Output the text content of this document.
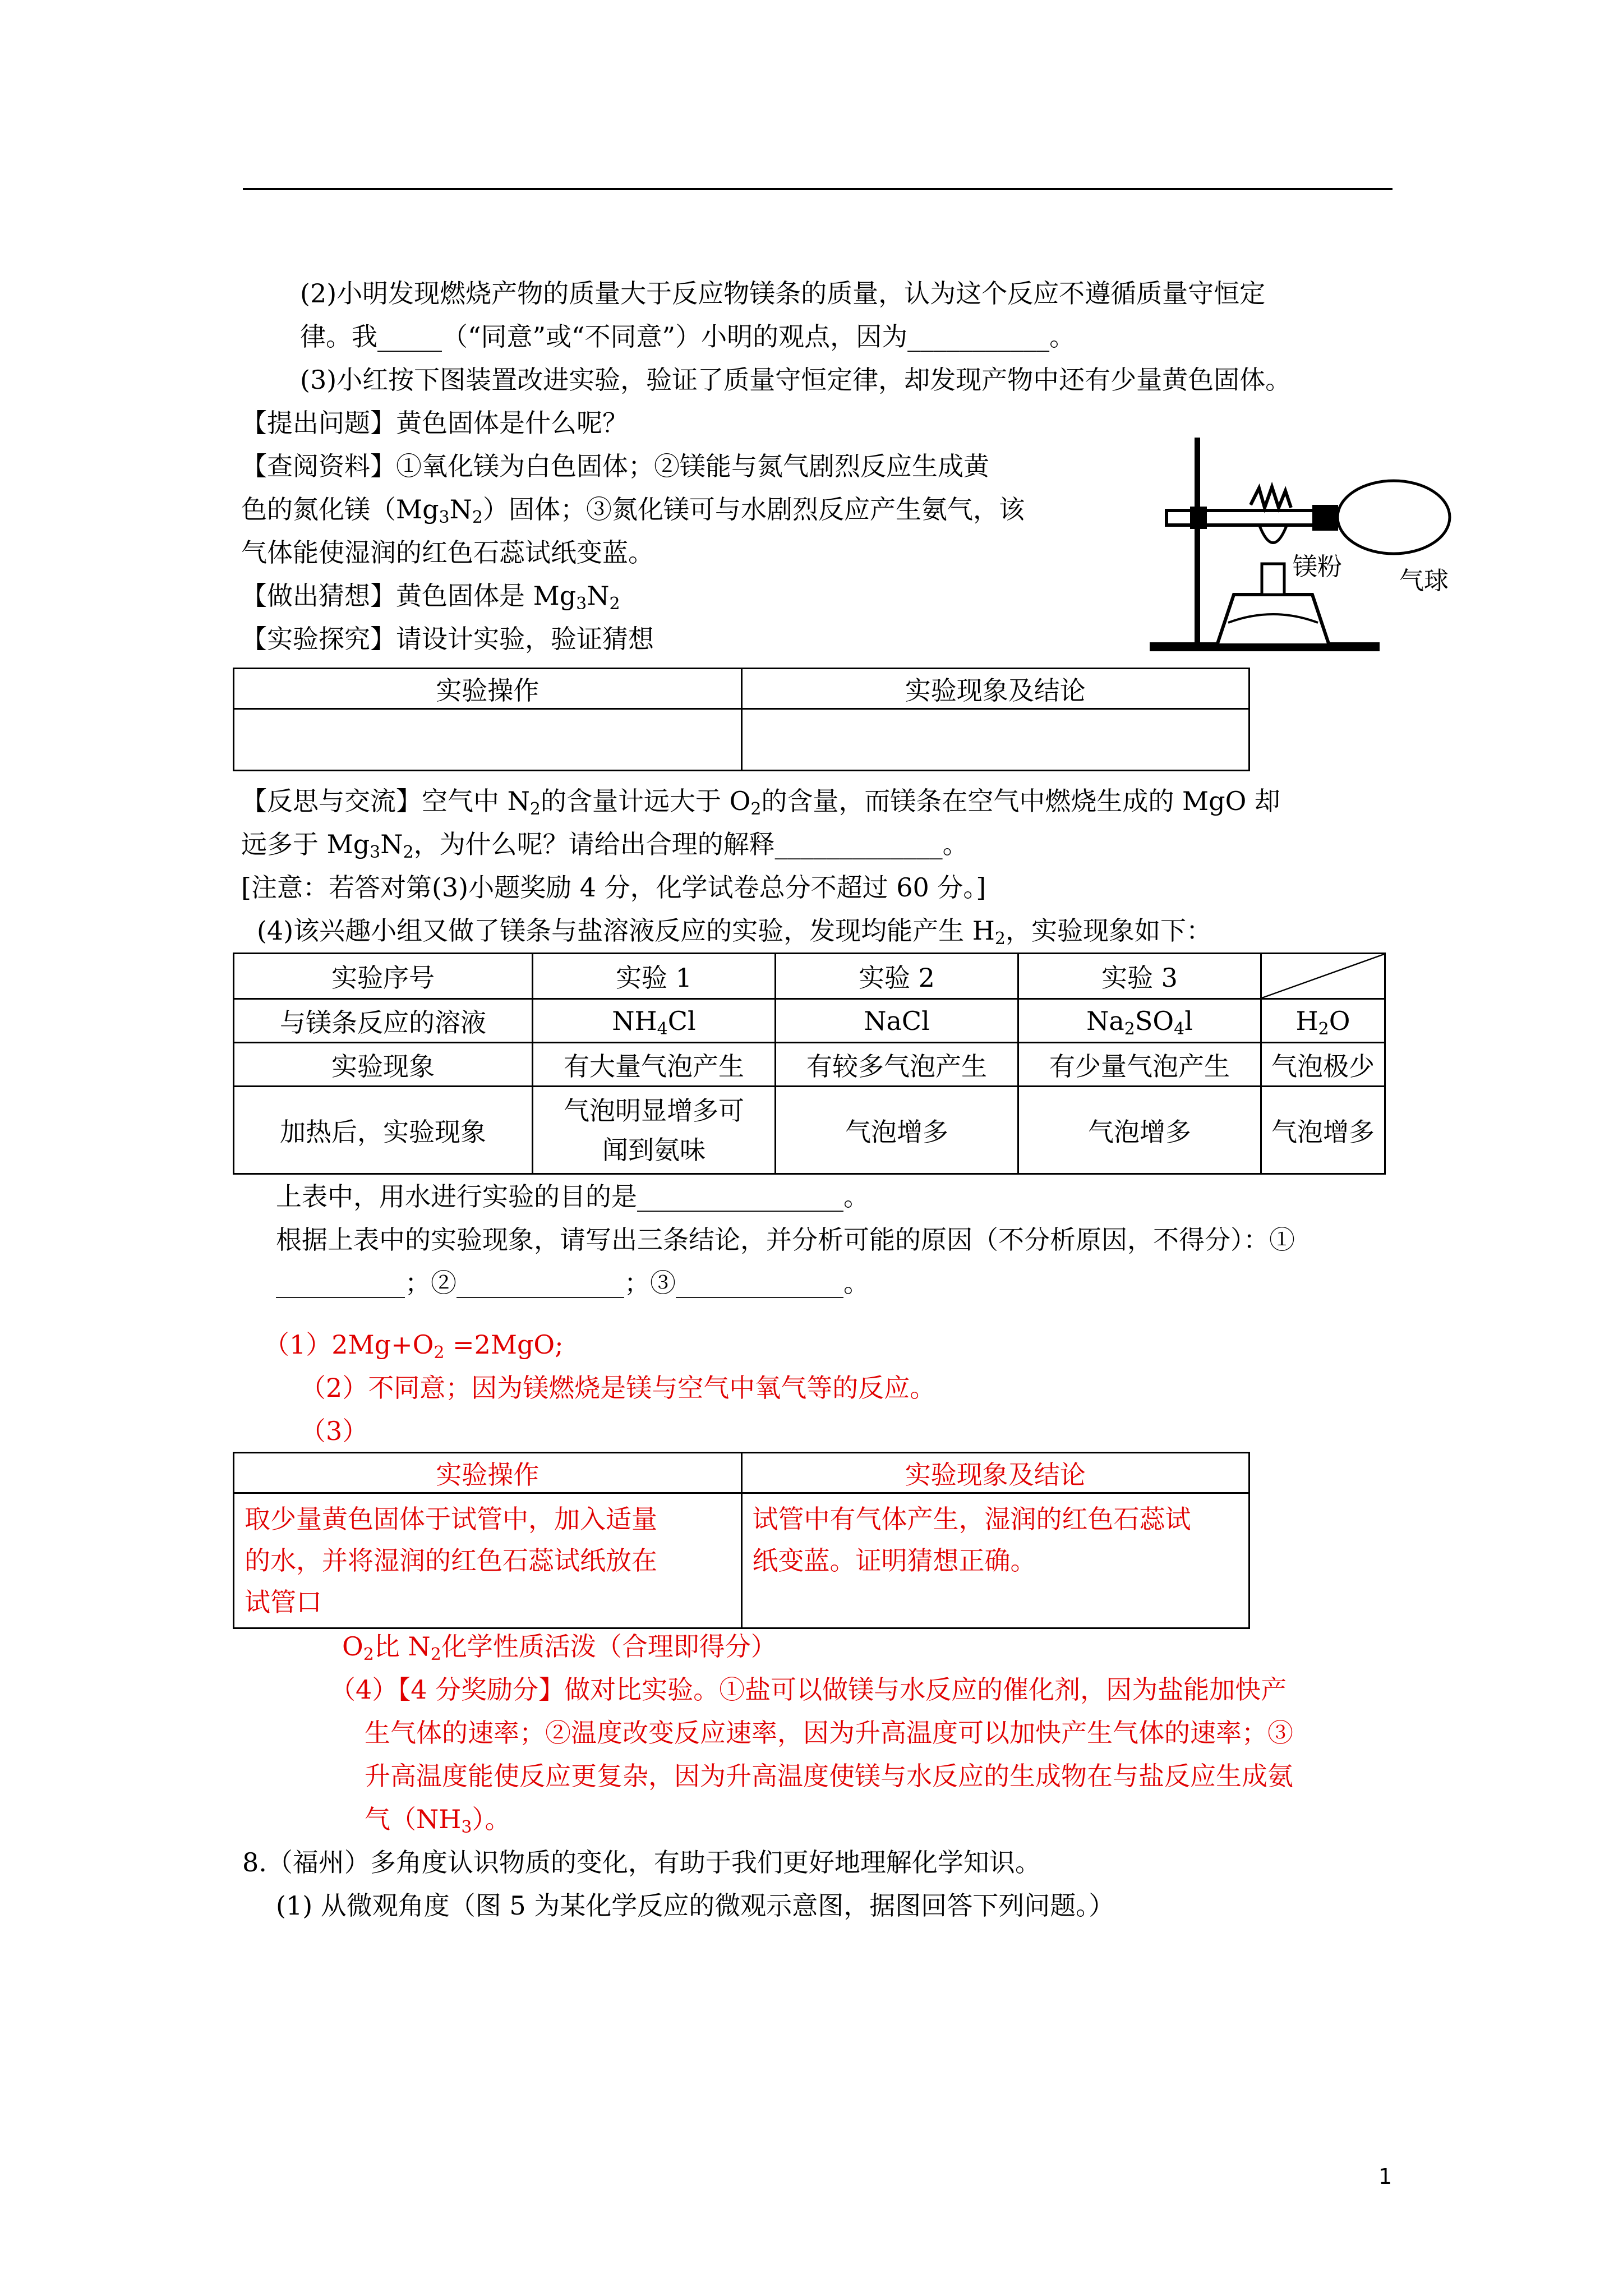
(2)小明发现燃烧产物的质量大于反应物镁条的质量，认为这个反应不遵循质量守恒定
律。我_____（“同意”或“不同意”）小明的观点，因为___________。
(3)小红按下图装置改进实验，验证了质量守恒定律，却发现产物中还有少量黄色固体。
【提出问题】黄色固体是什么呢？
【查阅资料】①氧化镁为白色固体；②镁能与氮气剧烈反应生成黄
色的氮化镁$(Mg_3N_2)$固体；③氮化镁可与水剧烈反应产生氨气，该
气体能使湿润的红色石蕊试纸变蓝。
【做出猜想】黄色固体是 $Mg_3N_2$
【实验探究】请设计实验，验证猜想
镁粉 气球
实验操作	实验现象及结论

【反思与交流】空气中 $N_2$的含量计远大于 $O_2$的含量，而镁条在空气中燃烧生成的 MgO 却
远多于 $Mg_3N_2$，为什么呢？请给出合理的解释_____________。
[注意：若答对第(3)小题奖励 4 分，化学试卷总分不超过 60 分。]
(4)该兴趣小组又做了镁条与盐溶液反应的实验，发现均能产生 $H_2$，实验现象如下：
实验序号	实验 1	实验 2	实验 3	

与镁条反应的溶液	$NH_4Cl$	NaCl	$Na_2SO_4l$	$H_2O$
实验现象	有大量气泡产生	有较多气泡产生	有少量气泡产生	气泡极少
加热后，实验现象	气泡明显增多可
闻到氨味	气泡增多	气泡增多	气泡增多
上表中，用水进行实验的目的是________________。
根据上表中的实验现象，请写出三条结论，并分析可能的原因（不分析原因，不得分）：①
__________；②_____________；③_____________。
$(1)2Mg+O_2 =2MgO$;
（2）不同意；因为镁燃烧是镁与空气中氧气等的反应。
（3）
实验操作	实验现象及结论
取少量黄色固体于试管中，加入适量
的水，并将湿润的红色石蕊试纸放在
试管口	试管中有气体产生，湿润的红色石蕊试
纸变蓝。证明猜想正确。
$O_2$比 $N_2$化学性质活泼（合理即得分）
（4）【4 分奖励分】做对比实验。①盐可以做镁与水反应的催化剂，因为盐能加快产
生气体的速率；②温度改变反应速率，因为升高温度可以加快产生气体的速率；③
升高温度能使反应更复杂，因为升高温度使镁与水反应的生成物在与盐反应生成氨
气$(NH_3)$。
8.（福州）多角度认识物质的变化，有助于我们更好地理解化学知识。
(1) 从微观角度（图 5 为某化学反应的微观示意图，据图回答下列问题。）
1
